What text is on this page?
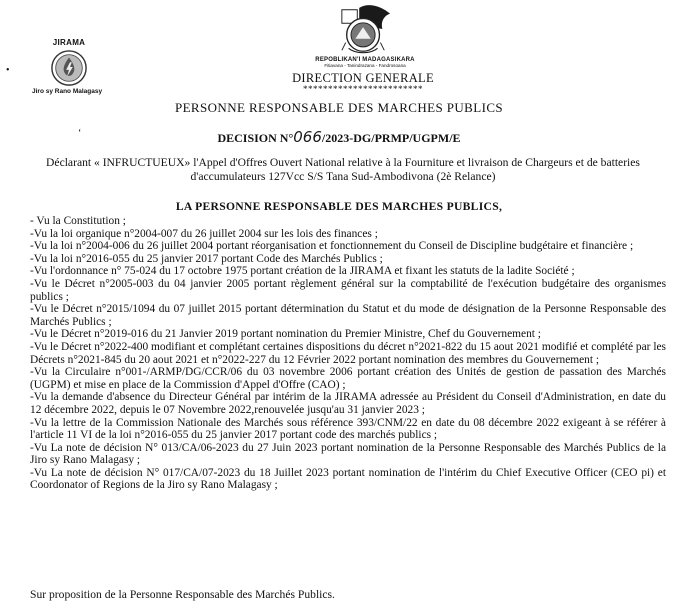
•
JIRAMA
Jiro sy Rano Malagasy
REPOBLIKAN'I MADAGASIKARA
Fitiavana - Tanindrazana - Fandrosoana
DIRECTION GENERALE
************************
PERSONNE RESPONSABLE DES MARCHES PUBLICS
ʻ	DECISION N°066/2023-DG/PRMP/UGPM/E
Déclarant « INFRUCTUEUX» l'Appel d'Offres Ouvert National relative à la Fourniture et livraison de Chargeurs et de batteries d'accumulateurs 127Vcc S/S Tana Sud-Ambodivona (2è Relance)
LA PERSONNE RESPONSABLE DES MARCHES PUBLICS,

- Vu la Constitution ;

-Vu la loi organique n°2004-007 du 26 juillet 2004 sur les lois des finances ;

-Vu la loi n°2004-006 du 26 juillet 2004 portant réorganisation et fonctionnement du Conseil de Discipline budgétaire et financière ;

-Vu la loi n°2016-055 du 25 janvier 2017 portant Code des Marchés Publics ;

-Vu l'ordonnance n° 75-024 du 17 octobre 1975 portant création de la JIRAMA et fixant les statuts de la ladite Société ;

-Vu le Décret n°2005-003 du 04 janvier 2005 portant règlement général sur la comptabilité de l'exécution budgétaire des organismes publics ;

-Vu le Décret n°2015/1094 du 07 juillet 2015 portant détermination du Statut et du mode de désignation de la Personne Responsable des Marchés Publics ;

-Vu le Décret n°2019-016 du 21 Janvier 2019 portant nomination du Premier Ministre, Chef du Gouvernement ;

-Vu le Décret n°2022-400 modifiant et complétant certaines dispositions du décret n°2021-822 du 15 aout 2021 modifié et complété par les Décrets n°2021-845 du 20 aout 2021 et n°2022-227 du 12 Février 2022 portant nomination des membres du Gouvernement ;

-Vu la Circulaire n°001-/ARMP/DG/CCR/06 du 03 novembre 2006 portant création des Unités de gestion de passation des Marchés (UGPM) et mise en place de la Commission d'Appel d'Offre (CAO) ;

-Vu la demande d'absence du Directeur Général par intérim de la JIRAMA adressée au Président du Conseil d'Administration, en date du 12 décembre 2022, depuis le 07 Novembre 2022,renouvelée jusqu'au 31 janvier 2023 ;

-Vu la lettre de la Commission Nationale des Marchés sous référence 393/CNM/22 en date du 08 décembre 2022 exigeant à se référer à l'article 11 VI de la loi n°2016-055 du 25 janvier 2017 portant code des marchés publics ;

-Vu La note de décision N° 013/CA/06-2023 du 27 Juin 2023 portant nomination de la Personne Responsable des Marchés Publics de la Jiro sy Rano Malagasy ;

-Vu La note de décision N° 017/CA/07-2023 du 18 Juillet 2023 portant nomination de l'intérim du Chief Executive Officer (CEO pi) et Coordonator of Regions de la Jiro sy Rano Malagasy ;

Sur proposition de la Personne Responsable des Marchés Publics.
